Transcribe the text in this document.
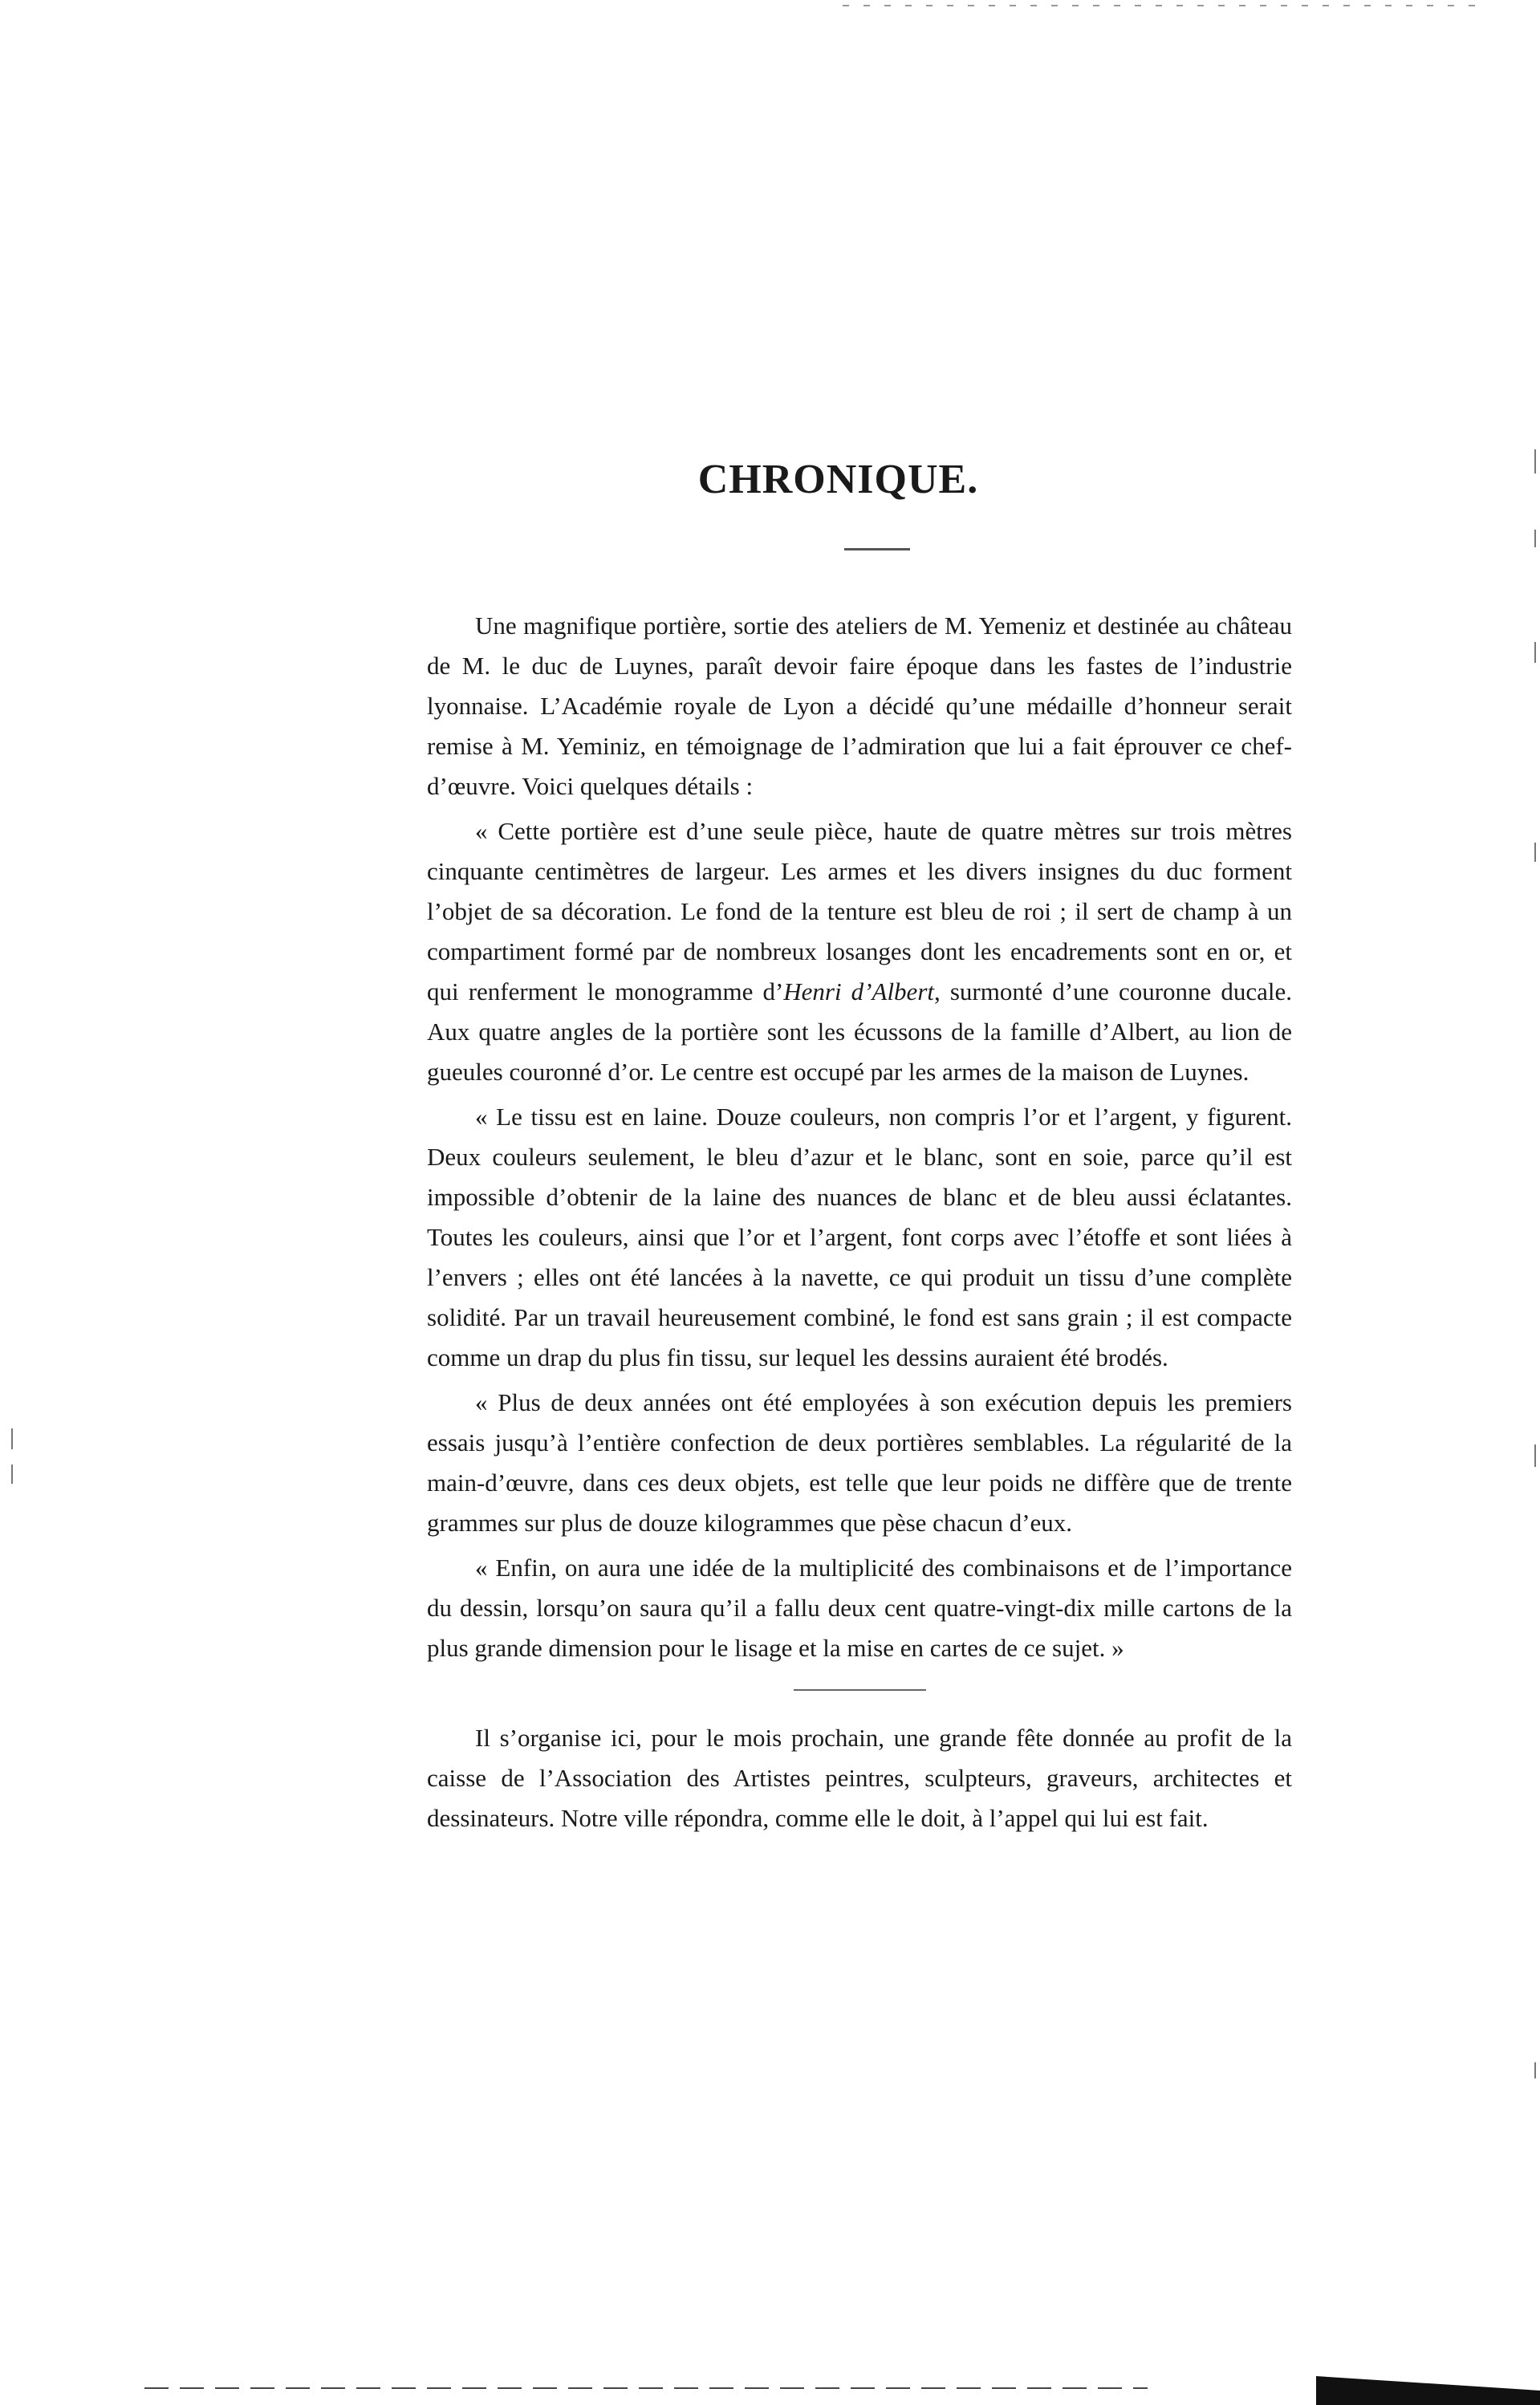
CHRONIQUE.

Une magnifique portière, sortie des ateliers de M. Yemeniz et destinée au château de M. le duc de Luynes, paraît devoir faire époque dans les fastes de l’industrie lyonnaise. L’Académie royale de Lyon a décidé qu’une médaille d’honneur serait remise à M. Yeminiz, en témoignage de l’admiration que lui a fait éprouver ce chef-d’œuvre. Voici quelques détails :

« Cette portière est d’une seule pièce, haute de quatre mètres sur trois mètres cinquante centimètres de largeur. Les armes et les divers insignes du duc forment l’objet de sa décoration. Le fond de la tenture est bleu de roi ; il sert de champ à un compartiment formé par de nombreux losanges dont les encadrements sont en or, et qui renferment le monogramme d’Henri d’Albert, surmonté d’une couronne ducale. Aux quatre angles de la portière sont les écussons de la famille d’Albert, au lion de gueules couronné d’or. Le centre est occupé par les armes de la maison de Luynes.

« Le tissu est en laine. Douze couleurs, non compris l’or et l’argent, y figurent. Deux couleurs seulement, le bleu d’azur et le blanc, sont en soie, parce qu’il est impossible d’obtenir de la laine des nuances de blanc et de bleu aussi éclatantes. Toutes les couleurs, ainsi que l’or et l’argent, font corps avec l’étoffe et sont liées à l’envers ; elles ont été lancées à la navette, ce qui produit un tissu d’une complète solidité. Par un travail heureusement combiné, le fond est sans grain ; il est compacte comme un drap du plus fin tissu, sur lequel les dessins auraient été brodés.

« Plus de deux années ont été employées à son exécution depuis les premiers essais jusqu’à l’entière confection de deux portières semblables. La régularité de la main-d’œuvre, dans ces deux objets, est telle que leur poids ne diffère que de trente grammes sur plus de douze kilogrammes que pèse chacun d’eux.

« Enfin, on aura une idée de la multiplicité des combinaisons et de l’importance du dessin, lorsqu’on saura qu’il a fallu deux cent quatre-vingt-dix mille cartons de la plus grande dimension pour le lisage et la mise en cartes de ce sujet. »

Il s’organise ici, pour le mois prochain, une grande fête donnée au profit de la caisse de l’Association des Artistes peintres, sculpteurs, graveurs, architectes et dessinateurs. Notre ville répondra, comme elle le doit, à l’appel qui lui est fait.
